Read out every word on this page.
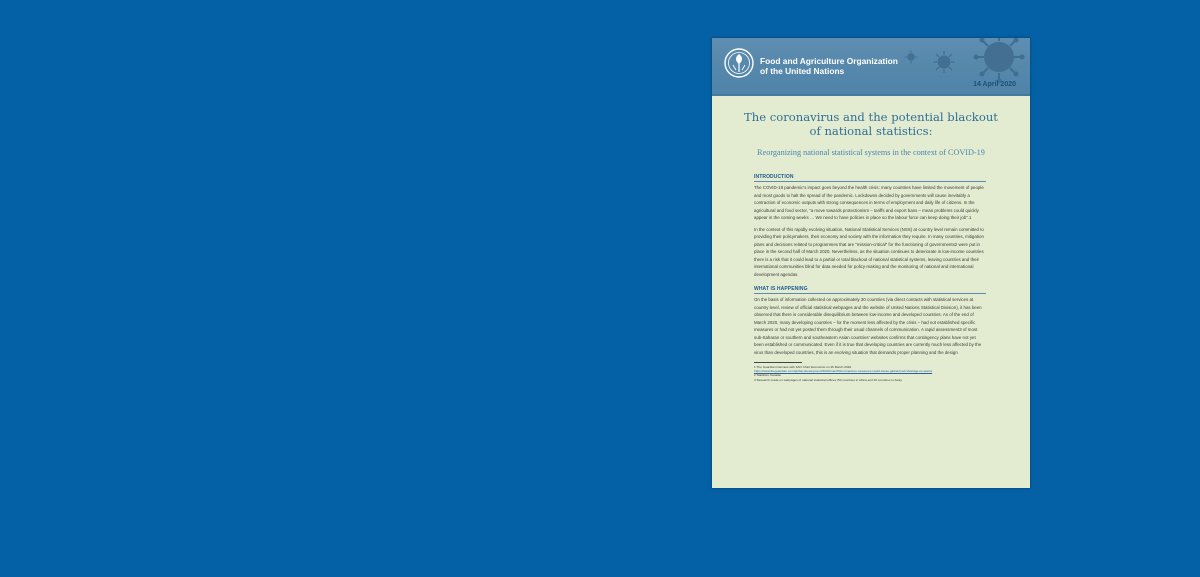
Food and Agriculture Organization
of the United Nations
14 April 2020
The coronavirus and the potential blackout of national statistics:
Reorganizing national statistical systems in the context of COVID-19
INTRODUCTION

The COVID-19 pandemic's impact goes beyond the health crisis: many countries have limited the movement of people and most goods to halt the spread of the pandemic. Lockdowns decided by governments will cause inevitably a contraction of economic outputs with strong consequences in terms of employment and daily life of citizens. In the agricultural and food sector, "a move towards protectionism – tariffs and export bans – mean problems could quickly appear in the coming weeks … We need to have policies in place so the labour force can keep doing their job".1

In the context of this rapidly evolving situation, National Statistical Services (NSS) at country level remain committed to providing their policymakers, their economy and society with the information they require. In many countries, mitigation plans and decisions related to programmes that are "mission-critical" for the functioning of governments2 were put in place in the second half of March 2020. Nevertheless, as the situation continues to deteriorate in low-income countries there is a risk that it could lead to a partial or total blackout of national statistical systems, leaving countries and their international communities blind for data needed for policy-making and the monitoring of national and international development agendas.

WHAT IS HAPPENING

On the basis of information collected on approximately 30 countries (via direct contacts with statistical services at country level, review of official statistical webpages and the website of United Nations Statistical Division), it has been observed that there is considerable disequilibrium between low-income and developed countries. As of the end of March 2020, many developing countries – for the moment less affected by the crisis – had not established specific measures or had not yet posted them through their usual channels of communication. A rapid assessment3 of most sub-Saharan or southern and southeastern Asian countries' websites confirms that contingency plans have not yet been established or communicated. Even if it is true that developing countries are currently much less affected by the virus than developed countries, this is an evolving situation that demands proper planning and the design

1 The Guardian interview with FAO Chief Economist on 26 March 2020.

https://www.theguardian.com/global-development/2020/mar/26/coronavirus-measures-could-cause-global-food-shortage-un-warns

2 Statistics Canada

3 Research made on webpages of national statistical offices (50 countries in Africa and 16 countries in Asia).
